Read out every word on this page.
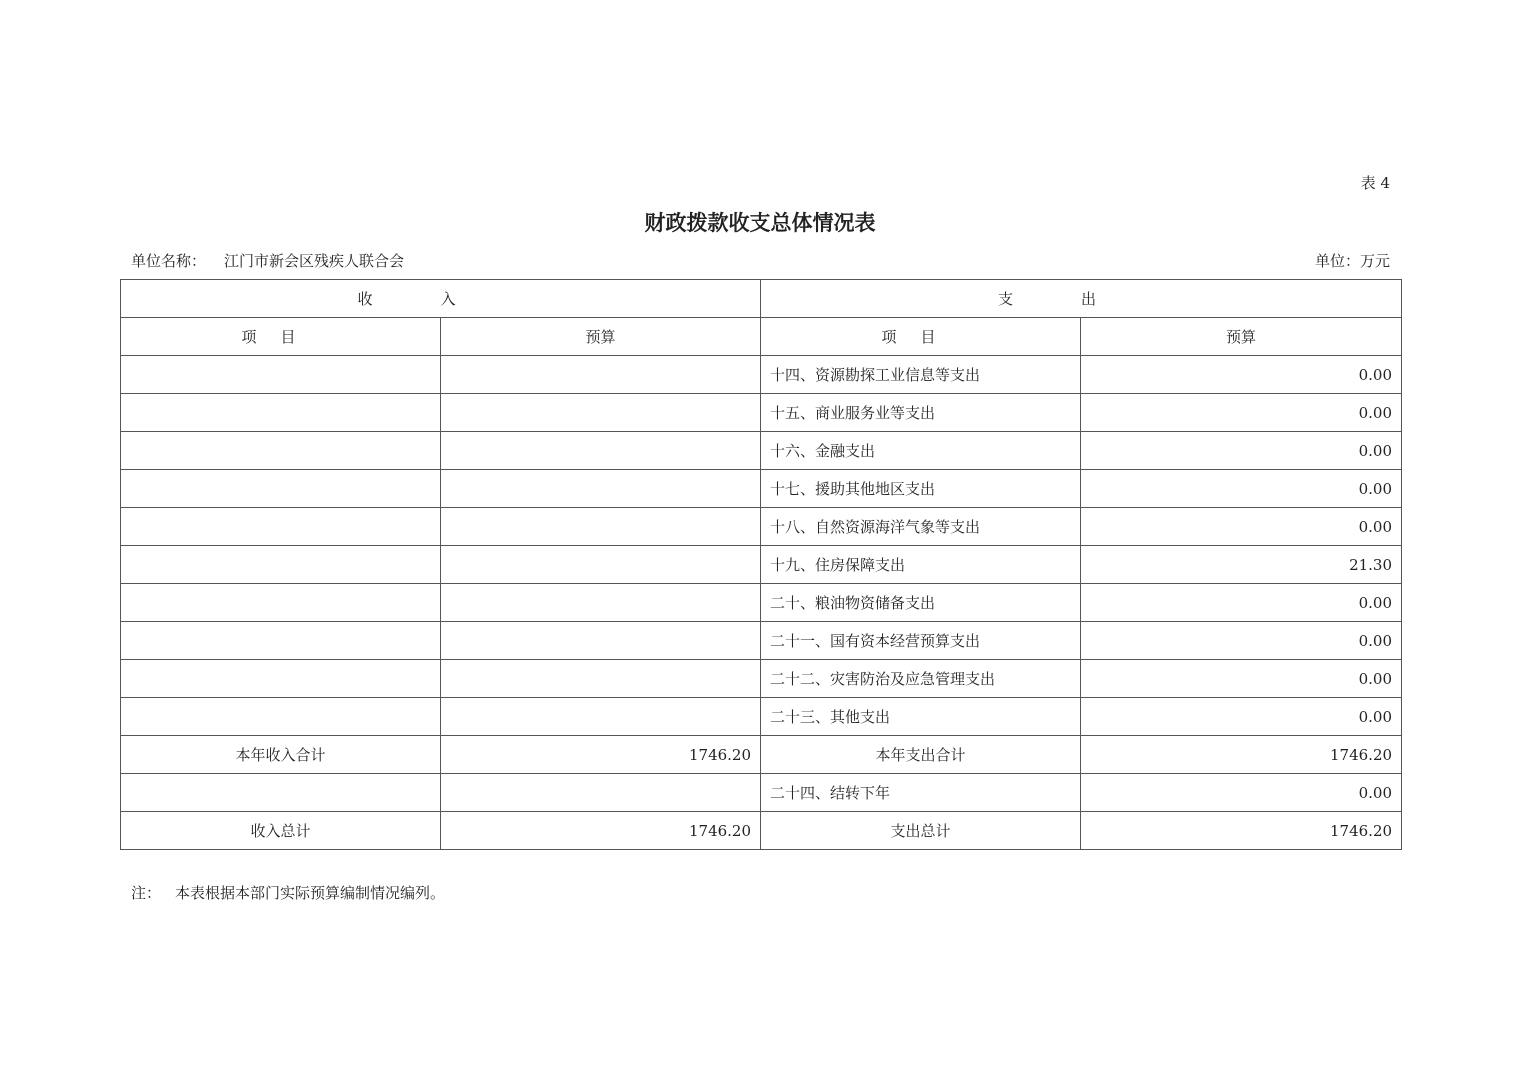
表 4
财政拨款收支总体情况表
单位名称： 江门市新会区残疾人联合会	单位：万元
收入		支出	
项目	预算	项目	预算
		十四、资源勘探工业信息等支出	0.00
		十五、商业服务业等支出	0.00
		十六、金融支出	0.00
		十七、援助其他地区支出	0.00
		十八、自然资源海洋气象等支出	0.00
		十九、住房保障支出	21.30
		二十、粮油物资储备支出	0.00
		二十一、国有资本经营预算支出	0.00
		二十二、灾害防治及应急管理支出	0.00
		二十三、其他支出	0.00
本年收入合计	1746.20	本年支出合计	1746.20
		二十四、结转下年	0.00
收入总计	1746.20	支出总计	1746.20
注： 本表根据本部门实际预算编制情况编列。
